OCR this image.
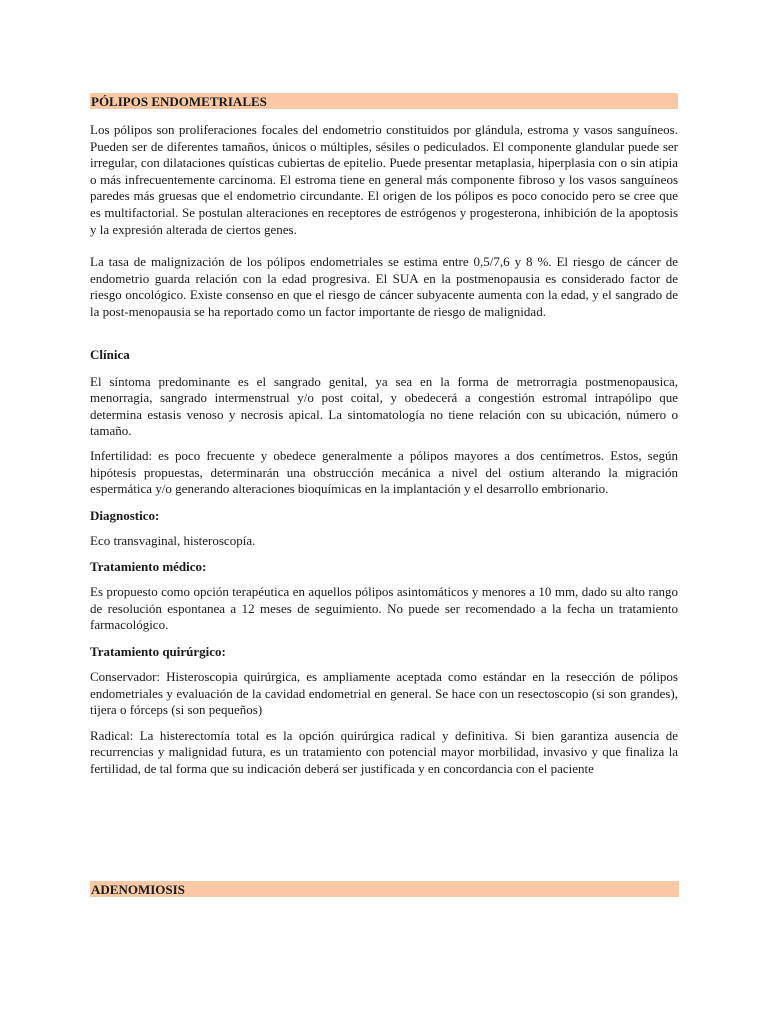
PÓLIPOS ENDOMETRIALES

Los pólipos son proliferaciones focales del endometrio constituidos por glándula, estroma y vasos sanguíneos. Pueden ser de diferentes tamaños, únicos o múltiples, sésiles o pediculados. El componente glandular puede ser irregular, con dilataciones quísticas cubiertas de epitelio. Puede presentar metaplasia, hiperplasia con o sin atipia o más infrecuentemente carcinoma. El estroma tiene en general más componente fibroso y los vasos sanguíneos paredes más gruesas que el endometrio circundante. El origen de los pólipos es poco conocido pero se cree que es multifactorial. Se postulan alteraciones en receptores de estrógenos y progesterona, inhibición de la apoptosis y la expresión alterada de ciertos genes.

La tasa de malignización de los pólipos endometriales se estima entre 0,5/7,6 y 8 %. El riesgo de cáncer de endometrio guarda relación con la edad progresiva. El SUA en la postmenopausia es considerado factor de riesgo oncológico. Existe consenso en que el riesgo de cáncer subyacente aumenta con la edad, y el sangrado de la post-menopausia se ha reportado como un factor importante de riesgo de malignidad.

Clínica

El síntoma predominante es el sangrado genital, ya sea en la forma de metrorragia postmenopausica, menorragia, sangrado intermenstrual y/o post coital, y obedecerá a congestión estromal intrapólipo que determina estasis venoso y necrosis apical. La sintomatología no tiene relación con su ubicación, número o tamaño.

Infertilidad: es poco frecuente y obedece generalmente a pólipos mayores a dos centímetros. Estos, según hipótesis propuestas, determinarán una obstrucción mecánica a nivel del ostium alterando la migración espermática y/o generando alteraciones bioquímicas en la implantación y el desarrollo embrionario.

Diagnostico:

Eco transvaginal, histeroscopía.

Tratamiento médico:

Es propuesto como opción terapéutica en aquellos pólipos asintomáticos y menores a 10 mm, dado su alto rango de resolución espontanea a 12 meses de seguimiento. No puede ser recomendado a la fecha un tratamiento farmacológico.

Tratamiento quirúrgico:

Conservador: Histeroscopia quirúrgica, es ampliamente aceptada como estándar en la resección de pólipos endometriales y evaluación de la cavidad endometrial en general. Se hace con un resectoscopio (si son grandes), tijera o fórceps (si son pequeños)

Radical: La histerectomía total es la opción quirúrgica radical y definitiva. Si bien garantiza ausencia de recurrencias y malignidad futura, es un tratamiento con potencial mayor morbilidad, invasivo y que finaliza la fertilidad, de tal forma que su indicación deberá ser justificada y en concordancia con el paciente

ADENOMIOSIS
